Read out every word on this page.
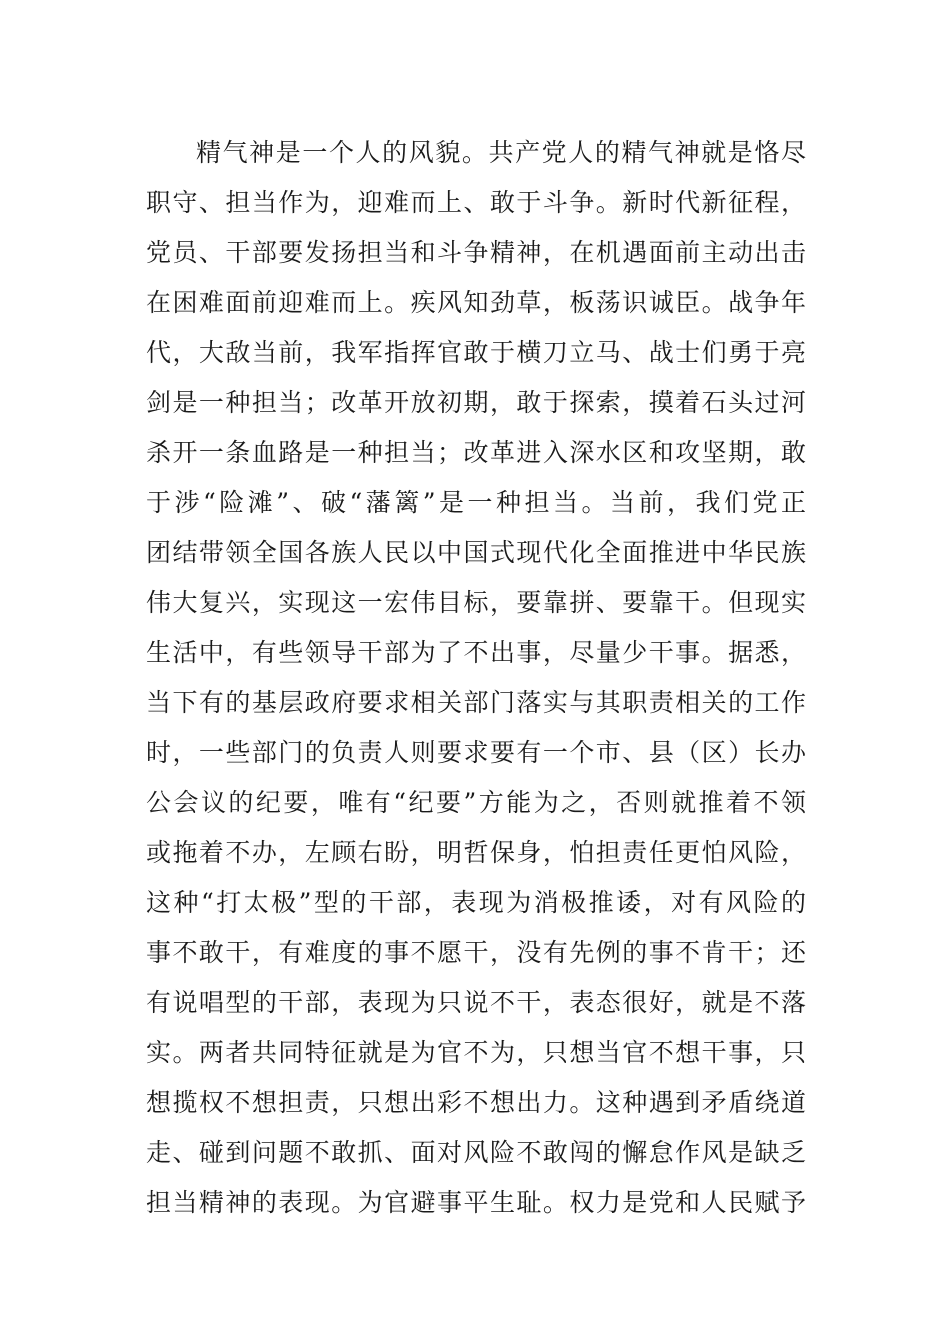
精气神是一个人的风貌。共产党人的精气神就是恪尽
职守、担当作为，迎难而上、敢于斗争。新时代新征程，
党员、干部要发扬担当和斗争精神，在机遇面前主动出击
在困难面前迎难而上。疾风知劲草，板荡识诚臣。战争年
代，大敌当前，我军指挥官敢于横刀立马、战士们勇于亮
剑是一种担当；改革开放初期，敢于探索，摸着石头过河
杀开一条血路是一种担当；改革进入深水区和攻坚期，敢
于涉“险滩”、破“藩篱”是一种担当。当前，我们党正
团结带领全国各族人民以中国式现代化全面推进中华民族
伟大复兴，实现这一宏伟目标，要靠拼、要靠干。但现实
生活中，有些领导干部为了不出事，尽量少干事。据悉，
当下有的基层政府要求相关部门落实与其职责相关的工作
时，一些部门的负责人则要求要有一个市、县（区）长办
公会议的纪要，唯有“纪要”方能为之，否则就推着不领
或拖着不办，左顾右盼，明哲保身，怕担责任更怕风险，
这种“打太极”型的干部，表现为消极推诿，对有风险的
事不敢干，有难度的事不愿干，没有先例的事不肯干；还
有说唱型的干部，表现为只说不干，表态很好，就是不落
实。两者共同特征就是为官不为，只想当官不想干事，只
想揽权不想担责，只想出彩不想出力。这种遇到矛盾绕道
走、碰到问题不敢抓、面对风险不敢闯的懈怠作风是缺乏
担当精神的表现。为官避事平生耻。权力是党和人民赋予
